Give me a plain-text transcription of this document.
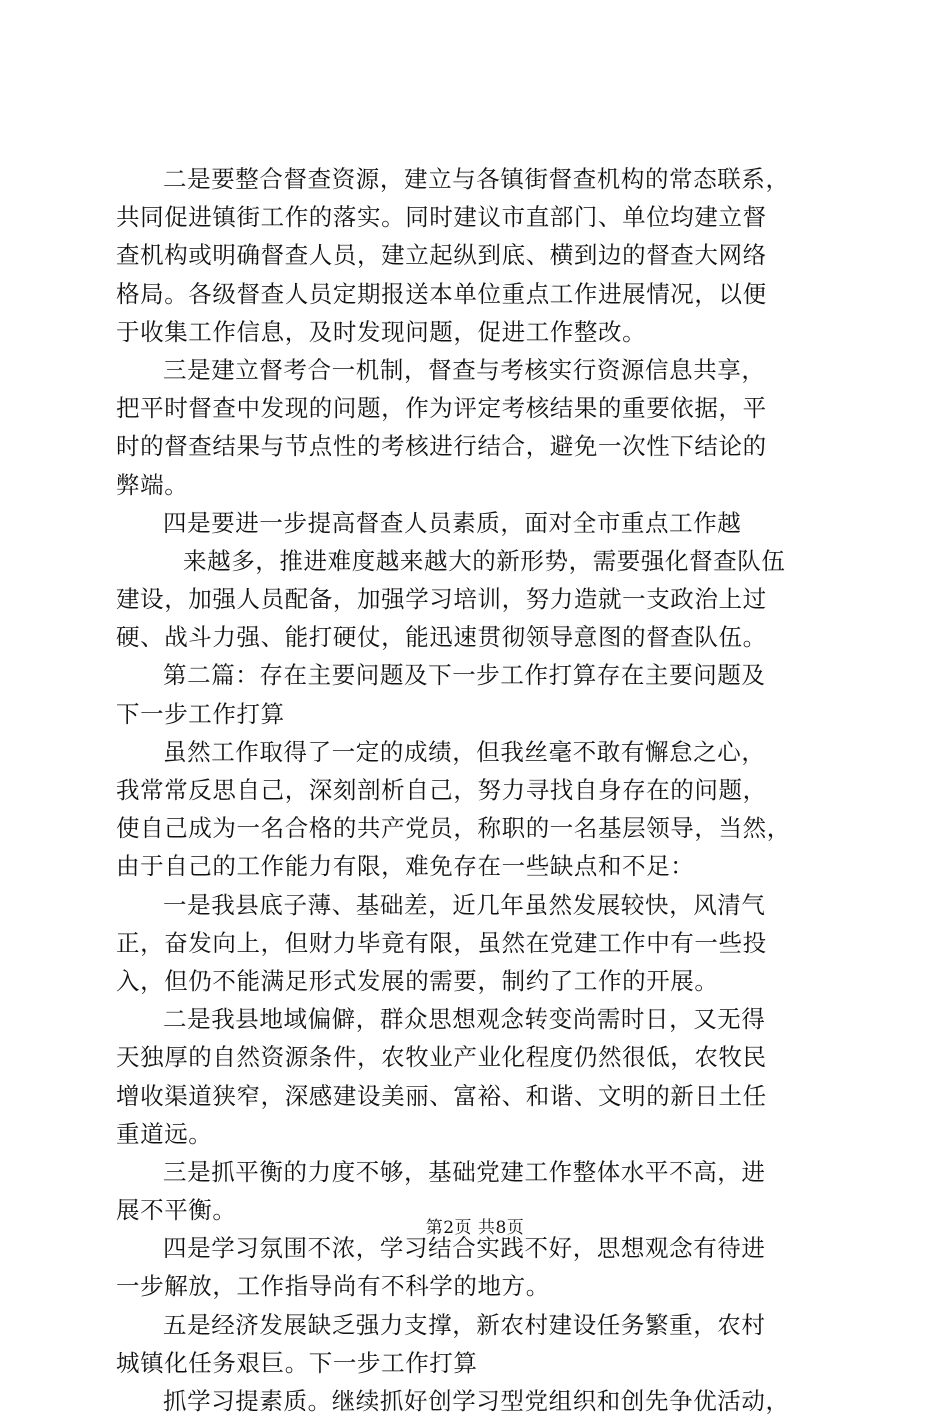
二是要整合督查资源，建立与各镇街督查机构的常态联系，
共同促进镇街工作的落实。同时建议市直部门、单位均建立督
查机构或明确督查人员，建立起纵到底、横到边的督查大网络
格局。各级督查人员定期报送本单位重点工作进展情况，以便
于收集工作信息，及时发现问题，促进工作整改。
三是建立督考合一机制，督查与考核实行资源信息共享，
把平时督查中发现的问题，作为评定考核结果的重要依据，平
时的督查结果与节点性的考核进行结合，避免一次性下结论的
弊端。
四是要进一步提高督查人员素质，面对全市重点工作越
来越多，推进难度越来越大的新形势，需要强化督查队伍
建设，加强人员配备，加强学习培训，努力造就一支政治上过
硬、战斗力强、能打硬仗，能迅速贯彻领导意图的督查队伍。
第二篇：存在主要问题及下一步工作打算存在主要问题及
下一步工作打算
虽然工作取得了一定的成绩，但我丝毫不敢有懈怠之心，
我常常反思自己，深刻剖析自己，努力寻找自身存在的问题，
使自己成为一名合格的共产党员，称职的一名基层领导，当然，
由于自己的工作能力有限，难免存在一些缺点和不足：
一是我县底子薄、基础差，近几年虽然发展较快，风清气
正，奋发向上，但财力毕竟有限，虽然在党建工作中有一些投
入，但仍不能满足形式发展的需要，制约了工作的开展。
二是我县地域偏僻，群众思想观念转变尚需时日，又无得
天独厚的自然资源条件，农牧业产业化程度仍然很低，农牧民
增收渠道狭窄，深感建设美丽、富裕、和谐、文明的新日土任
重道远。
三是抓平衡的力度不够，基础党建工作整体水平不高，进
展不平衡。
四是学习氛围不浓，学习结合实践不好，思想观念有待进
一步解放，工作指导尚有不科学的地方。
五是经济发展缺乏强力支撑，新农村建设任务繁重，农村
城镇化任务艰巨。下一步工作打算
抓学习提素质。继续抓好创学习型党组织和创先争优活动，
第2页 共8页
